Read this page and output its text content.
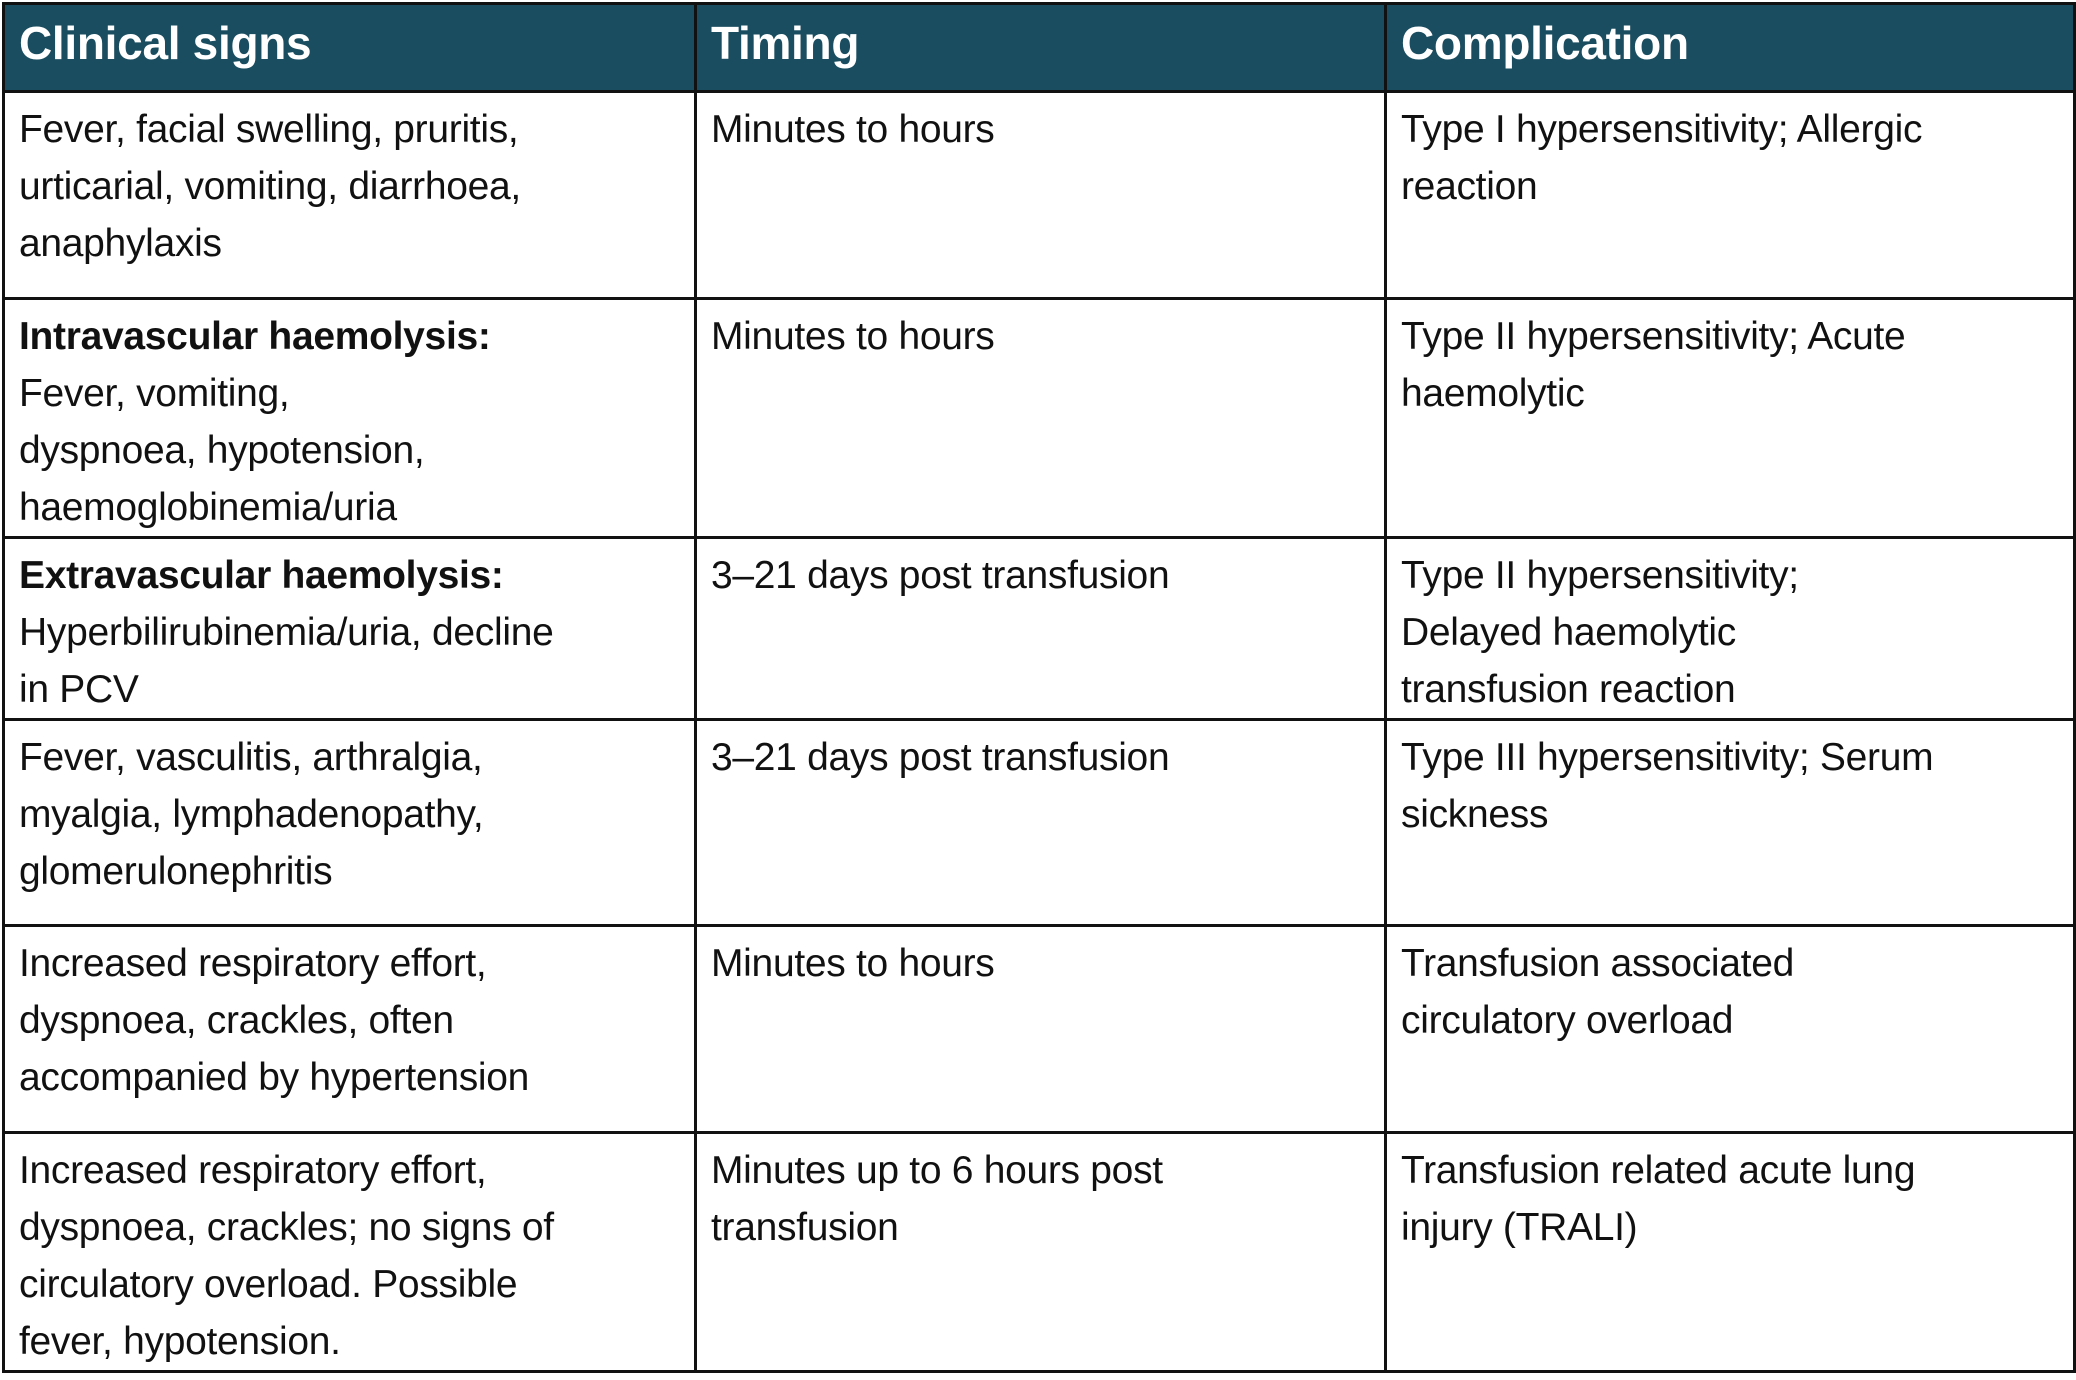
Clinical signs	Timing	Complication

Fever, facial swelling, pruritis,
urticarial, vomiting, diarrhoea,
anaphylaxis	Minutes to hours	Type I hypersensitivity; Allergic
reaction

Intravascular haemolysis:
Fever, vomiting,
dyspnoea, hypotension,
haemoglobinemia/uria	Minutes to hours	Type II hypersensitivity; Acute
haemolytic

Extravascular haemolysis:
Hyperbilirubinemia/uria, decline
in PCV	3–21 days post transfusion	Type II hypersensitivity;
Delayed haemolytic
transfusion reaction

Fever, vasculitis, arthralgia,
myalgia, lymphadenopathy,
glomerulonephritis	3–21 days post transfusion	Type III hypersensitivity; Serum
sickness

Increased respiratory effort,
dyspnoea, crackles, often
accompanied by hypertension	Minutes to hours	Transfusion associated
circulatory overload

Increased respiratory effort,
dyspnoea, crackles; no signs of
circulatory overload. Possible
fever, hypotension.	Minutes up to 6 hours post
transfusion	Transfusion related acute lung
injury (TRALI)
